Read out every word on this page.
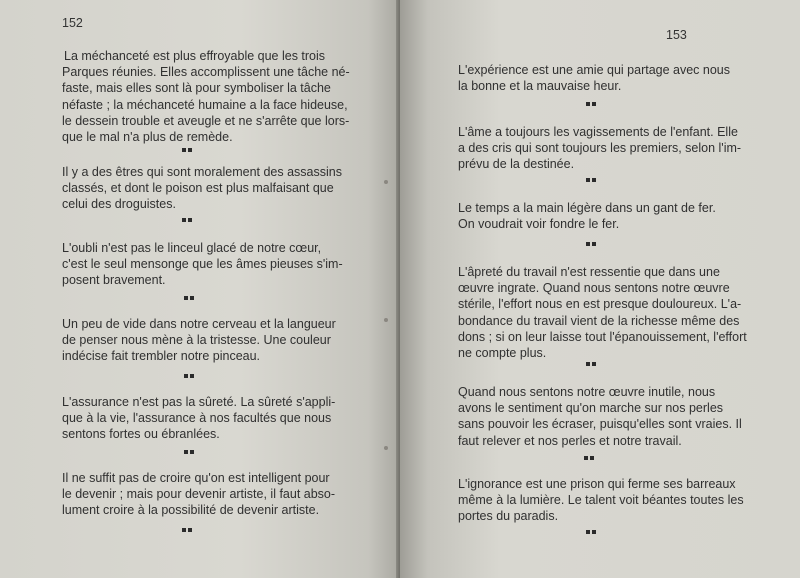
152

La méchanceté est plus effroyable que les trois
Parques réunies. Elles accomplissent une tâche né-
faste, mais elles sont là pour symboliser la tâche
néfaste ; la méchanceté humaine a la face hideuse,
le dessein trouble et aveugle et ne s'arrête que lors-
que le mal n'a plus de remède.

Il y a des êtres qui sont moralement des assassins
classés, et dont le poison est plus malfaisant que
celui des droguistes.

L'oubli n'est pas le linceul glacé de notre cœur,
c'est le seul mensonge que les âmes pieuses s'im-
posent bravement.

Un peu de vide dans notre cerveau et la langueur
de penser nous mène à la tristesse. Une couleur
indécise fait trembler notre pinceau.

L'assurance n'est pas la sûreté. La sûreté s'appli-
que à la vie, l'assurance à nos facultés que nous
sentons fortes ou ébranlées.

Il ne suffit pas de croire qu'on est intelligent pour
le devenir ; mais pour devenir artiste, il faut abso-
lument croire à la possibilité de devenir artiste.

153

L'expérience est une amie qui partage avec nous
la bonne et la mauvaise heur.

L'âme a toujours les vagissements de l'enfant. Elle
a des cris qui sont toujours les premiers, selon l'im-
prévu de la destinée.

Le temps a la main légère dans un gant de fer.
On voudrait voir fondre le fer.

L'âpreté du travail n'est ressentie que dans une
œuvre ingrate. Quand nous sentons notre œuvre
stérile, l'effort nous en est presque douloureux. L'a-
bondance du travail vient de la richesse même des
dons ; si on leur laisse tout l'épanouissement, l'effort
ne compte plus.

Quand nous sentons notre œuvre inutile, nous
avons le sentiment qu'on marche sur nos perles
sans pouvoir les écraser, puisqu'elles sont vraies. Il
faut relever et nos perles et notre travail.

L'ignorance est une prison qui ferme ses barreaux
même à la lumière. Le talent voit béantes toutes les
portes du paradis.
